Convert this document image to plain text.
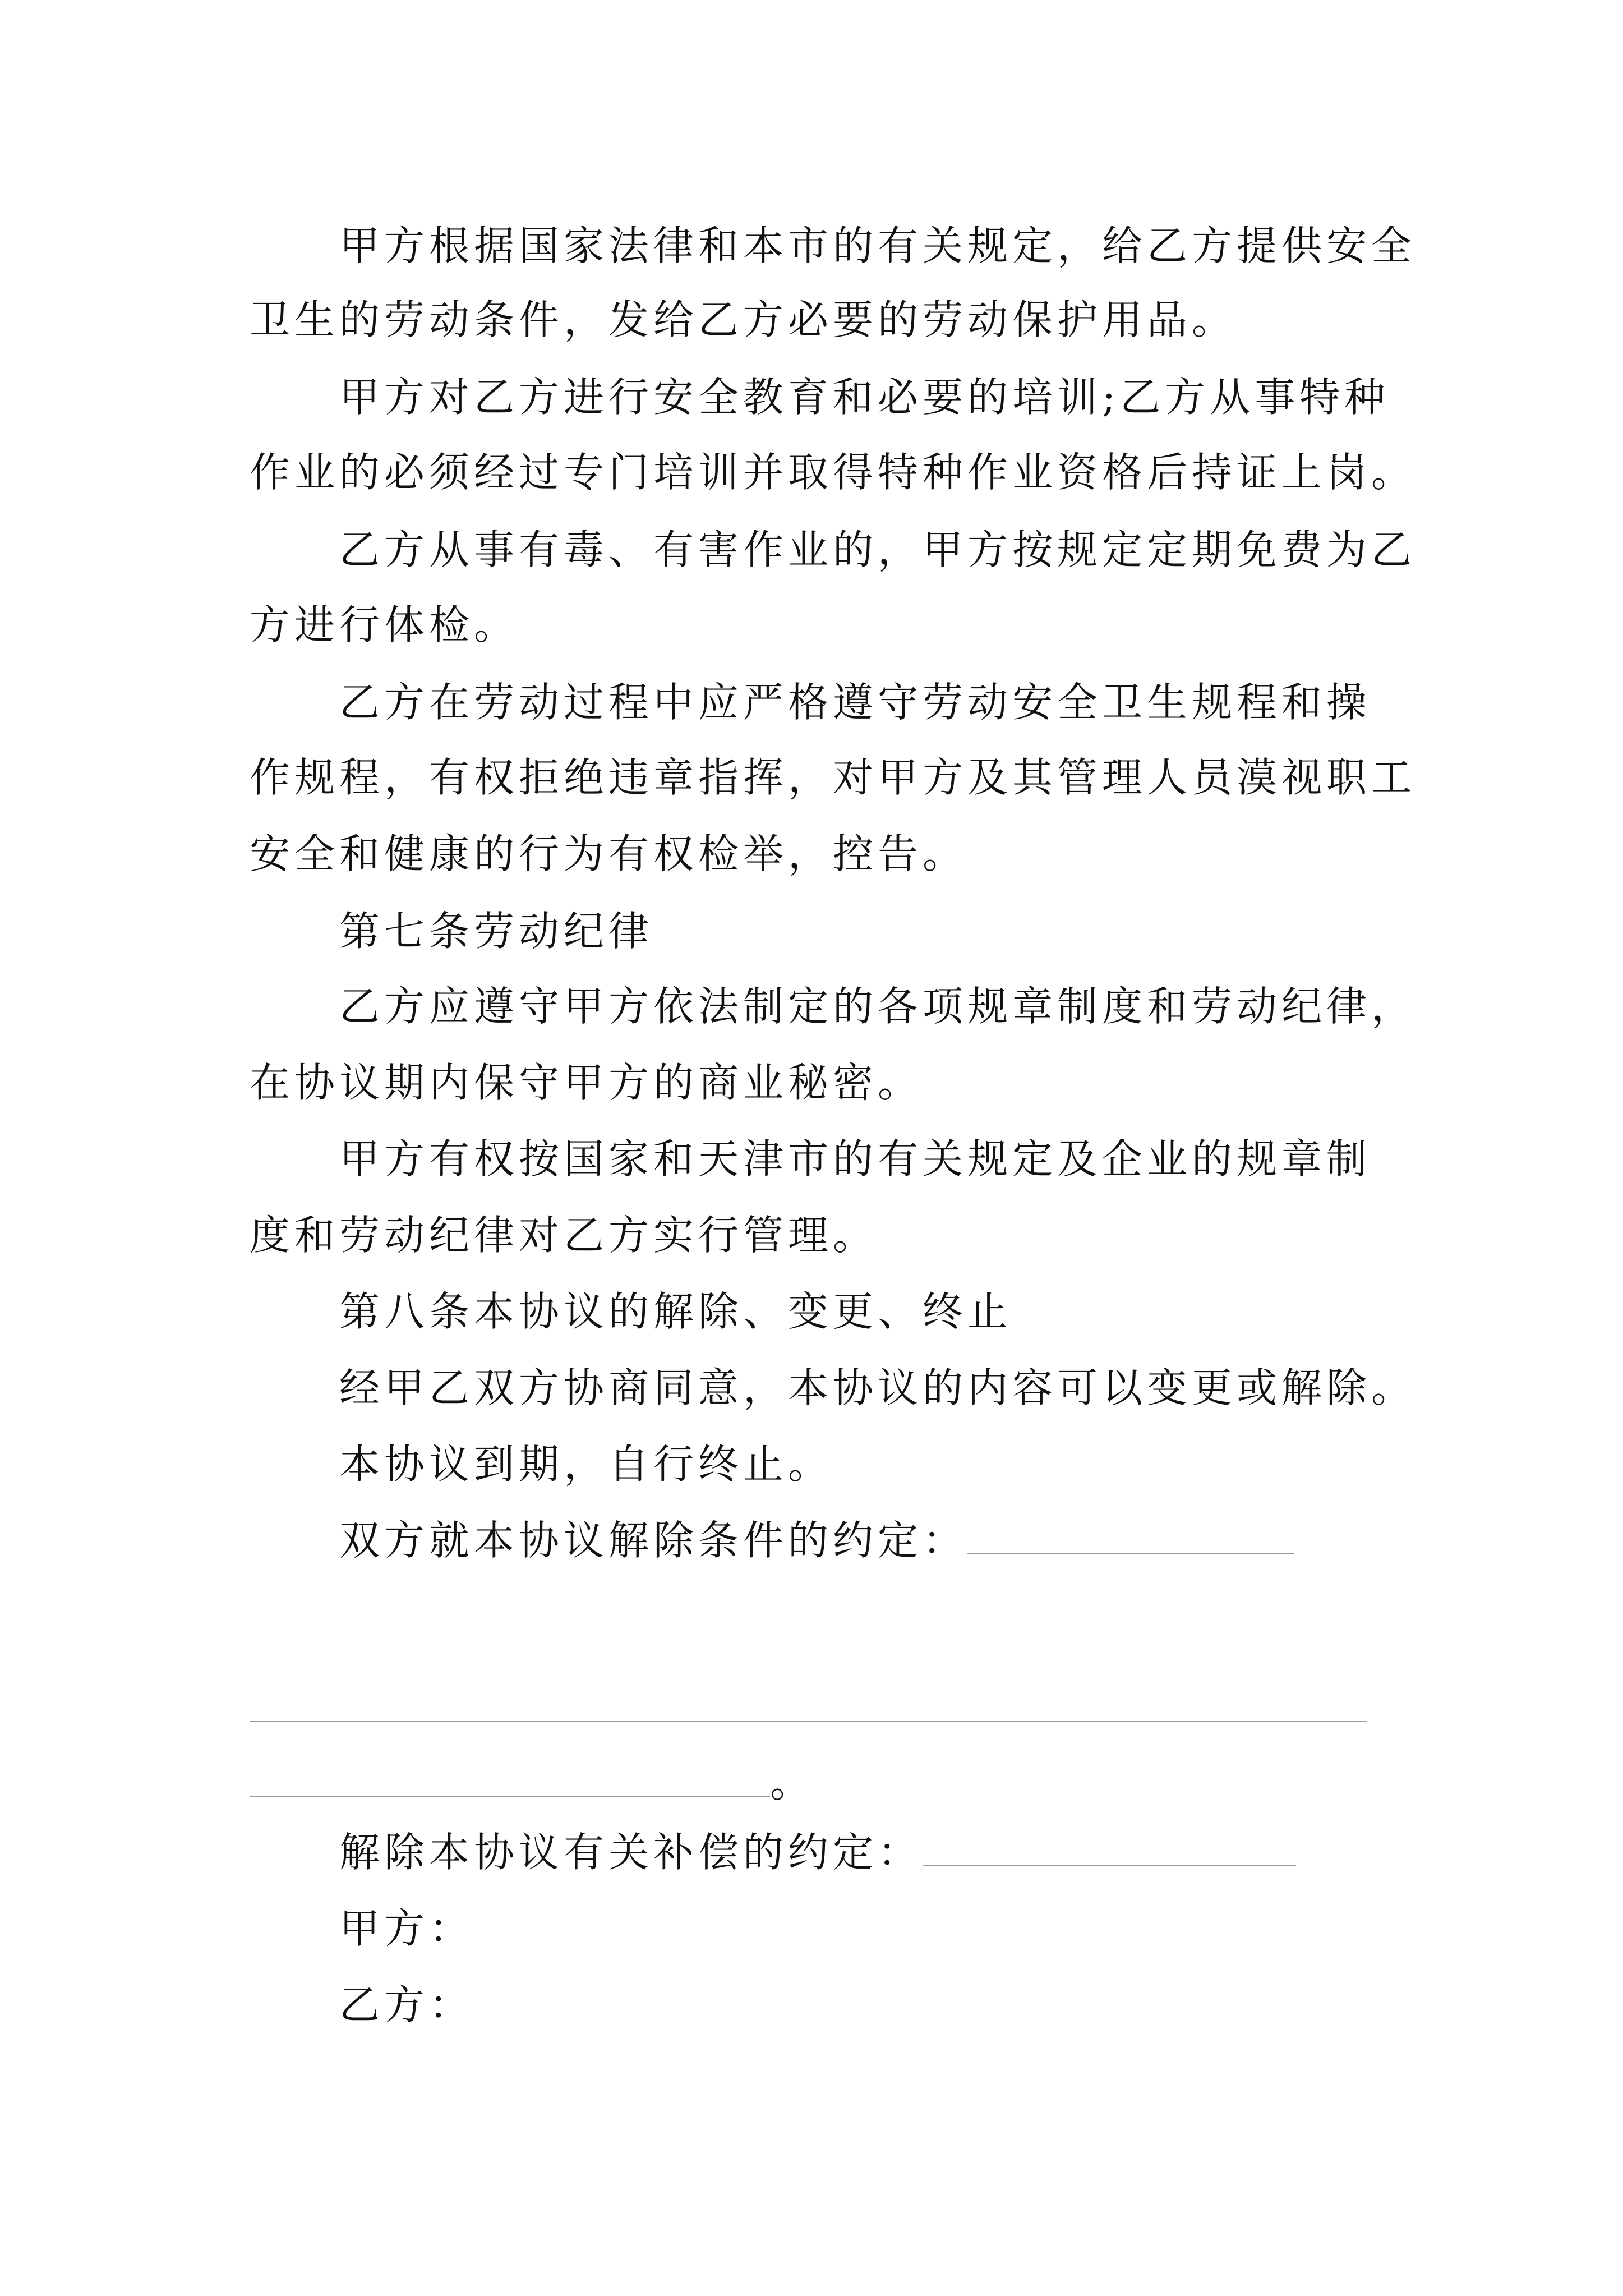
甲方根据国家法律和本市的有关规定，给乙方提供安全
卫生的劳动条件，发给乙方必要的劳动保护用品。
甲方对乙方进行安全教育和必要的培训;乙方从事特种
作业的必须经过专门培训并取得特种作业资格后持证上岗。
乙方从事有毒、有害作业的，甲方按规定定期免费为乙
方进行体检。
乙方在劳动过程中应严格遵守劳动安全卫生规程和操
作规程，有权拒绝违章指挥，对甲方及其管理人员漠视职工
安全和健康的行为有权检举，控告。
第七条劳动纪律
乙方应遵守甲方依法制定的各项规章制度和劳动纪律，
在协议期内保守甲方的商业秘密。
甲方有权按国家和天津市的有关规定及企业的规章制
度和劳动纪律对乙方实行管理。
第八条本协议的解除、变更、终止
经甲乙双方协商同意，本协议的内容可以变更或解除。
本协议到期，自行终止。
双方就本协议解除条件的约定：
。
解除本协议有关补偿的约定：
甲方：
乙方：
